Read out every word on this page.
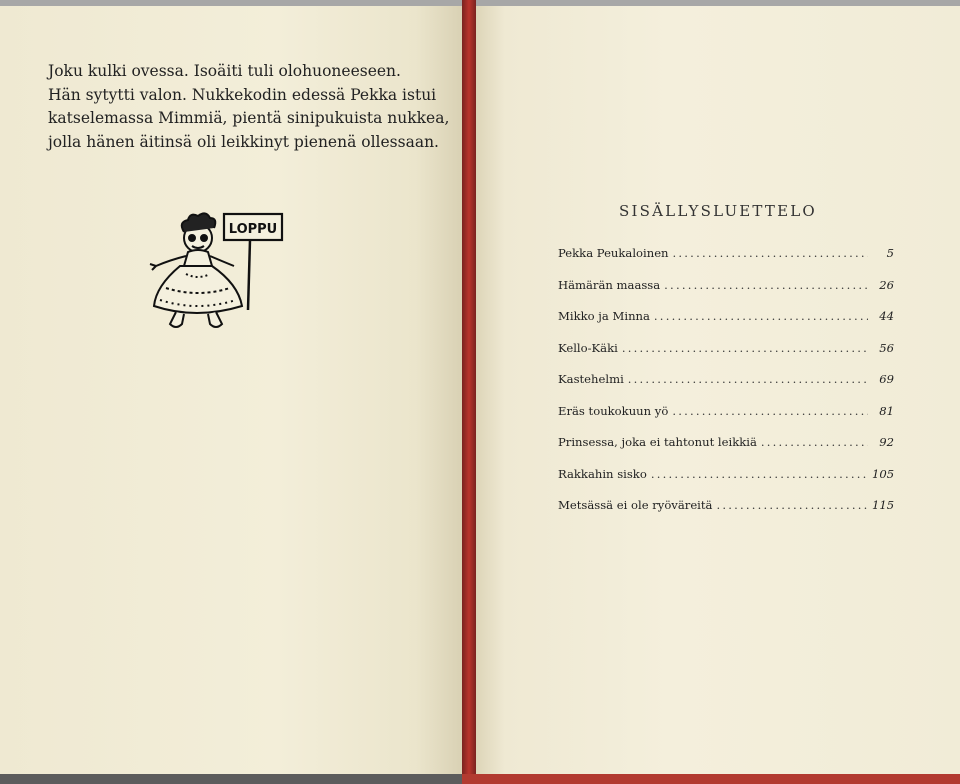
Joku kulki ovessa. Isoäiti tuli olohuoneeseen.
Hän sytytti valon. Nukkekodin edessä Pekka istui
katselemassa Mimmiä, pientä sinipukuista nukkea,
jolla hänen äitinsä oli leikkinyt pienenä ollessaan.
LOPPU
SISÄLLYSLUETTELO
Pekka Peukaloinen .....	5
Hämärän maassa .....	26
Mikko ja Minna .....	44
Kello-Käki .....	56
Kastehelmi .....	69
Eräs toukokuun yö .....	81
Prinsessa, joka ei tahtonut leikkiä .....	92
Rakkahin sisko .....	105
Metsässä ei ole ryöväreitä .....	115
